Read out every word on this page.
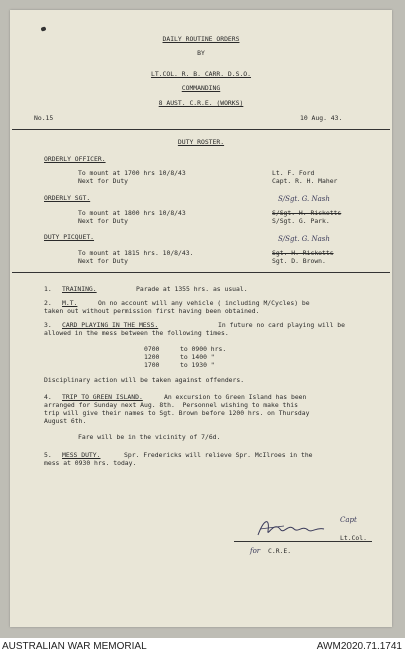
DAILY ROUTINE ORDERS
BY
LT.COL. R. B. CARR. D.S.O.
COMMANDING
8 AUST. C.R.E. (WORKS)
No.15	10 Aug. 43.
DUTY ROSTER.
ORDERLY OFFICER.
To mount at 1700 hrs 10/8/43	Lt. F. Ford
Next for Duty	Capt. R. H. Maher
ORDERLY SGT.	S/Sgt. G. Nash
To mount at 1800 hrs 10/8/43	S/Sgt. H. Ricketts
Next for Duty	S/Sgt. G. Park.
DUTY PICQUET.	S/Sgt. G. Nash
To mount at 1815 hrs. 10/8/43.	Sgt. H. Ricketts
Next for Duty	Sgt. D. Brown.
1. TRAINING.	Parade at 1355 hrs. as usual.
2. M.T.	On no account will any vehicle ( including M/Cycles) be
taken out without permission first having been obtained.
3. CARD PLAYING IN THE MESS.	In future no card playing will be
allowed in the mess between the following times.
0700	to 0900 hrs.
1200	to 1400 "
1700	to 1930 "
Disciplinary action will be taken against offenders.
4. TRIP TO GREEN ISLAND.	An excursion to Green Island has been
arranged for Sunday next Aug. 8th.  Personnel wishing to make this
trip will give their names to Sgt. Brown before 1200 hrs. on Thursday
August 6th.
Fare will be in the vicinity of 7/6d.
5. MESS DUTY.	Spr. Fredericks will relieve Spr. McIlroes in the
mess at 0930 hrs. today.
Capt
Lt.Col.
for C.R.E.
AUSTRALIAN WAR MEMORIAL	AWM2020.71.1741
